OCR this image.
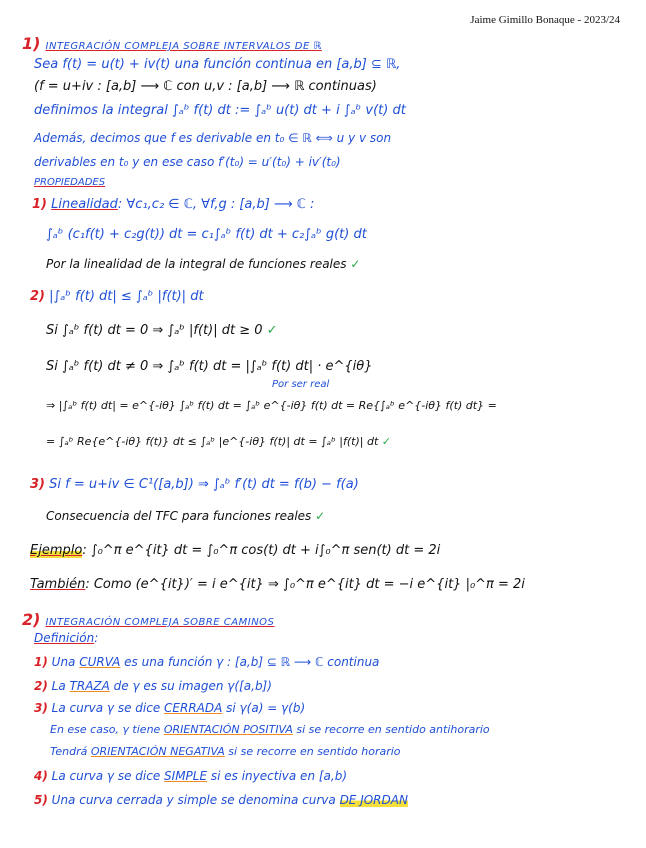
Jaime Gimillo Bonaque - 2023/24
1) INTEGRACIÓN COMPLEJA SOBRE INTERVALOS DE ℝ
Sea f(t) = u(t) + iv(t) una función continua en [a,b] ⊆ ℝ,
(f = u+iv : [a,b] ⟶ ℂ con u,v : [a,b] ⟶ ℝ continuas)
definimos la integral ∫ₐᵇ f(t) dt := ∫ₐᵇ u(t) dt + i ∫ₐᵇ v(t) dt
Además, decimos que f es derivable en t₀ ∈ ℝ ⟺ u y v son
derivables en t₀ y en ese caso f′(t₀) = u′(t₀) + iv′(t₀)
PROPIEDADES
1) Linealidad: ∀c₁,c₂ ∈ ℂ, ∀f,g : [a,b] ⟶ ℂ :
∫ₐᵇ (c₁f(t) + c₂g(t)) dt = c₁∫ₐᵇ f(t) dt + c₂∫ₐᵇ g(t) dt
Por la linealidad de la integral de funciones reales ✓
2) |∫ₐᵇ f(t) dt| ≤ ∫ₐᵇ |f(t)| dt
Si ∫ₐᵇ f(t) dt = 0 ⇒ ∫ₐᵇ |f(t)| dt ≥ 0 ✓
Si ∫ₐᵇ f(t) dt ≠ 0 ⇒ ∫ₐᵇ f(t) dt = |∫ₐᵇ f(t) dt| · e^{iθ}
Por ser real
⇒ |∫ₐᵇ f(t) dt| = e^{-iθ} ∫ₐᵇ f(t) dt = ∫ₐᵇ e^{-iθ} f(t) dt = Re{∫ₐᵇ e^{-iθ} f(t) dt} =
= ∫ₐᵇ Re{e^{-iθ} f(t)} dt ≤ ∫ₐᵇ |e^{-iθ} f(t)| dt = ∫ₐᵇ |f(t)| dt ✓
3) Si f = u+iv ∈ C¹([a,b]) ⇒ ∫ₐᵇ f′(t) dt = f(b) − f(a)
Consecuencia del TFC para funciones reales ✓
Ejemplo: ∫₀^π e^{it} dt = ∫₀^π cos(t) dt + i∫₀^π sen(t) dt = 2i
También: Como (e^{it})′ = i e^{it} ⇒ ∫₀^π e^{it} dt = −i e^{it} |₀^π = 2i
2) INTEGRACIÓN COMPLEJA SOBRE CAMINOS
Definición:
1) Una CURVA es una función γ : [a,b] ⊆ ℝ ⟶ ℂ continua
2) La TRAZA de γ es su imagen γ([a,b])
3) La curva γ se dice CERRADA si γ(a) = γ(b)
En ese caso, γ tiene ORIENTACIÓN POSITIVA si se recorre en sentido antihorario
Tendrá ORIENTACIÓN NEGATIVA si se recorre en sentido horario
4) La curva γ se dice SIMPLE si es inyectiva en [a,b)
5) Una curva cerrada y simple se denomina curva DE JORDAN
